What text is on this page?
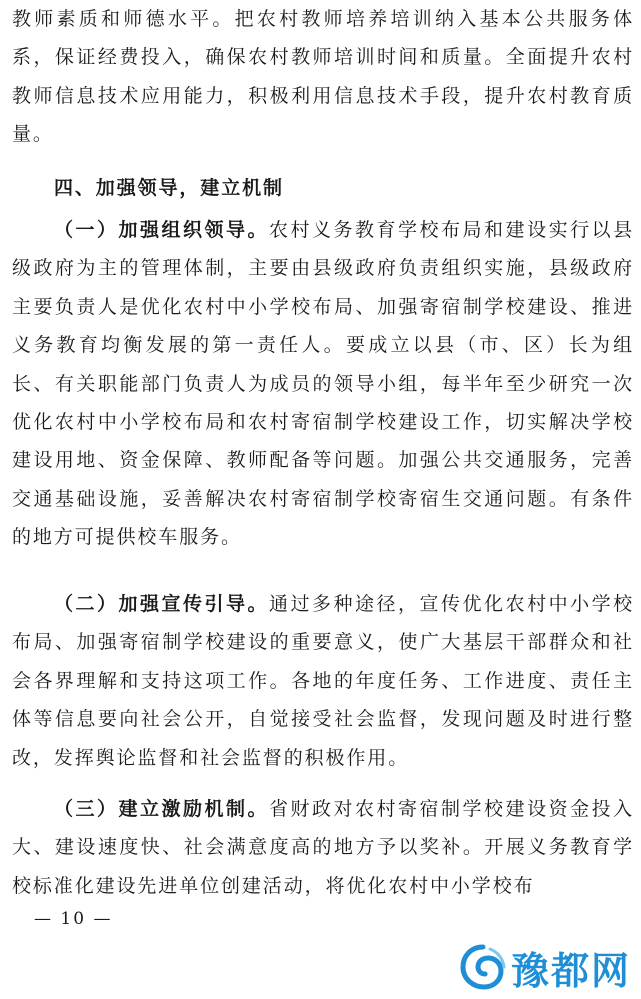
教师素质和师德水平。把农村教师培养培训纳入基本公共服务体系，保证经费投入，确保农村教师培训时间和质量。全面提升农村教师信息技术应用能力，积极利用信息技术手段，提升农村教育质量。

四、加强领导，建立机制

（一）加强组织领导。农村义务教育学校布局和建设实行以县级政府为主的管理体制，主要由县级政府负责组织实施，县级政府主要负责人是优化农村中小学校布局、加强寄宿制学校建设、推进义务教育均衡发展的第一责任人。要成立以县（市、区）长为组长、有关职能部门负责人为成员的领导小组，每半年至少研究一次优化农村中小学校布局和农村寄宿制学校建设工作，切实解决学校建设用地、资金保障、教师配备等问题。加强公共交通服务，完善交通基础设施，妥善解决农村寄宿制学校寄宿生交通问题。有条件的地方可提供校车服务。

（二）加强宣传引导。通过多种途径，宣传优化农村中小学校布局、加强寄宿制学校建设的重要意义，使广大基层干部群众和社会各界理解和支持这项工作。各地的年度任务、工作进度、责任主体等信息要向社会公开，自觉接受社会监督，发现问题及时进行整改，发挥舆论监督和社会监督的积极作用。

（三）建立激励机制。省财政对农村寄宿制学校建设资金投入大、建设速度快、社会满意度高的地方予以奖补。开展义务教育学校标准化建设先进单位创建活动，将优化农村中小学校布

— 10 —
豫都网
